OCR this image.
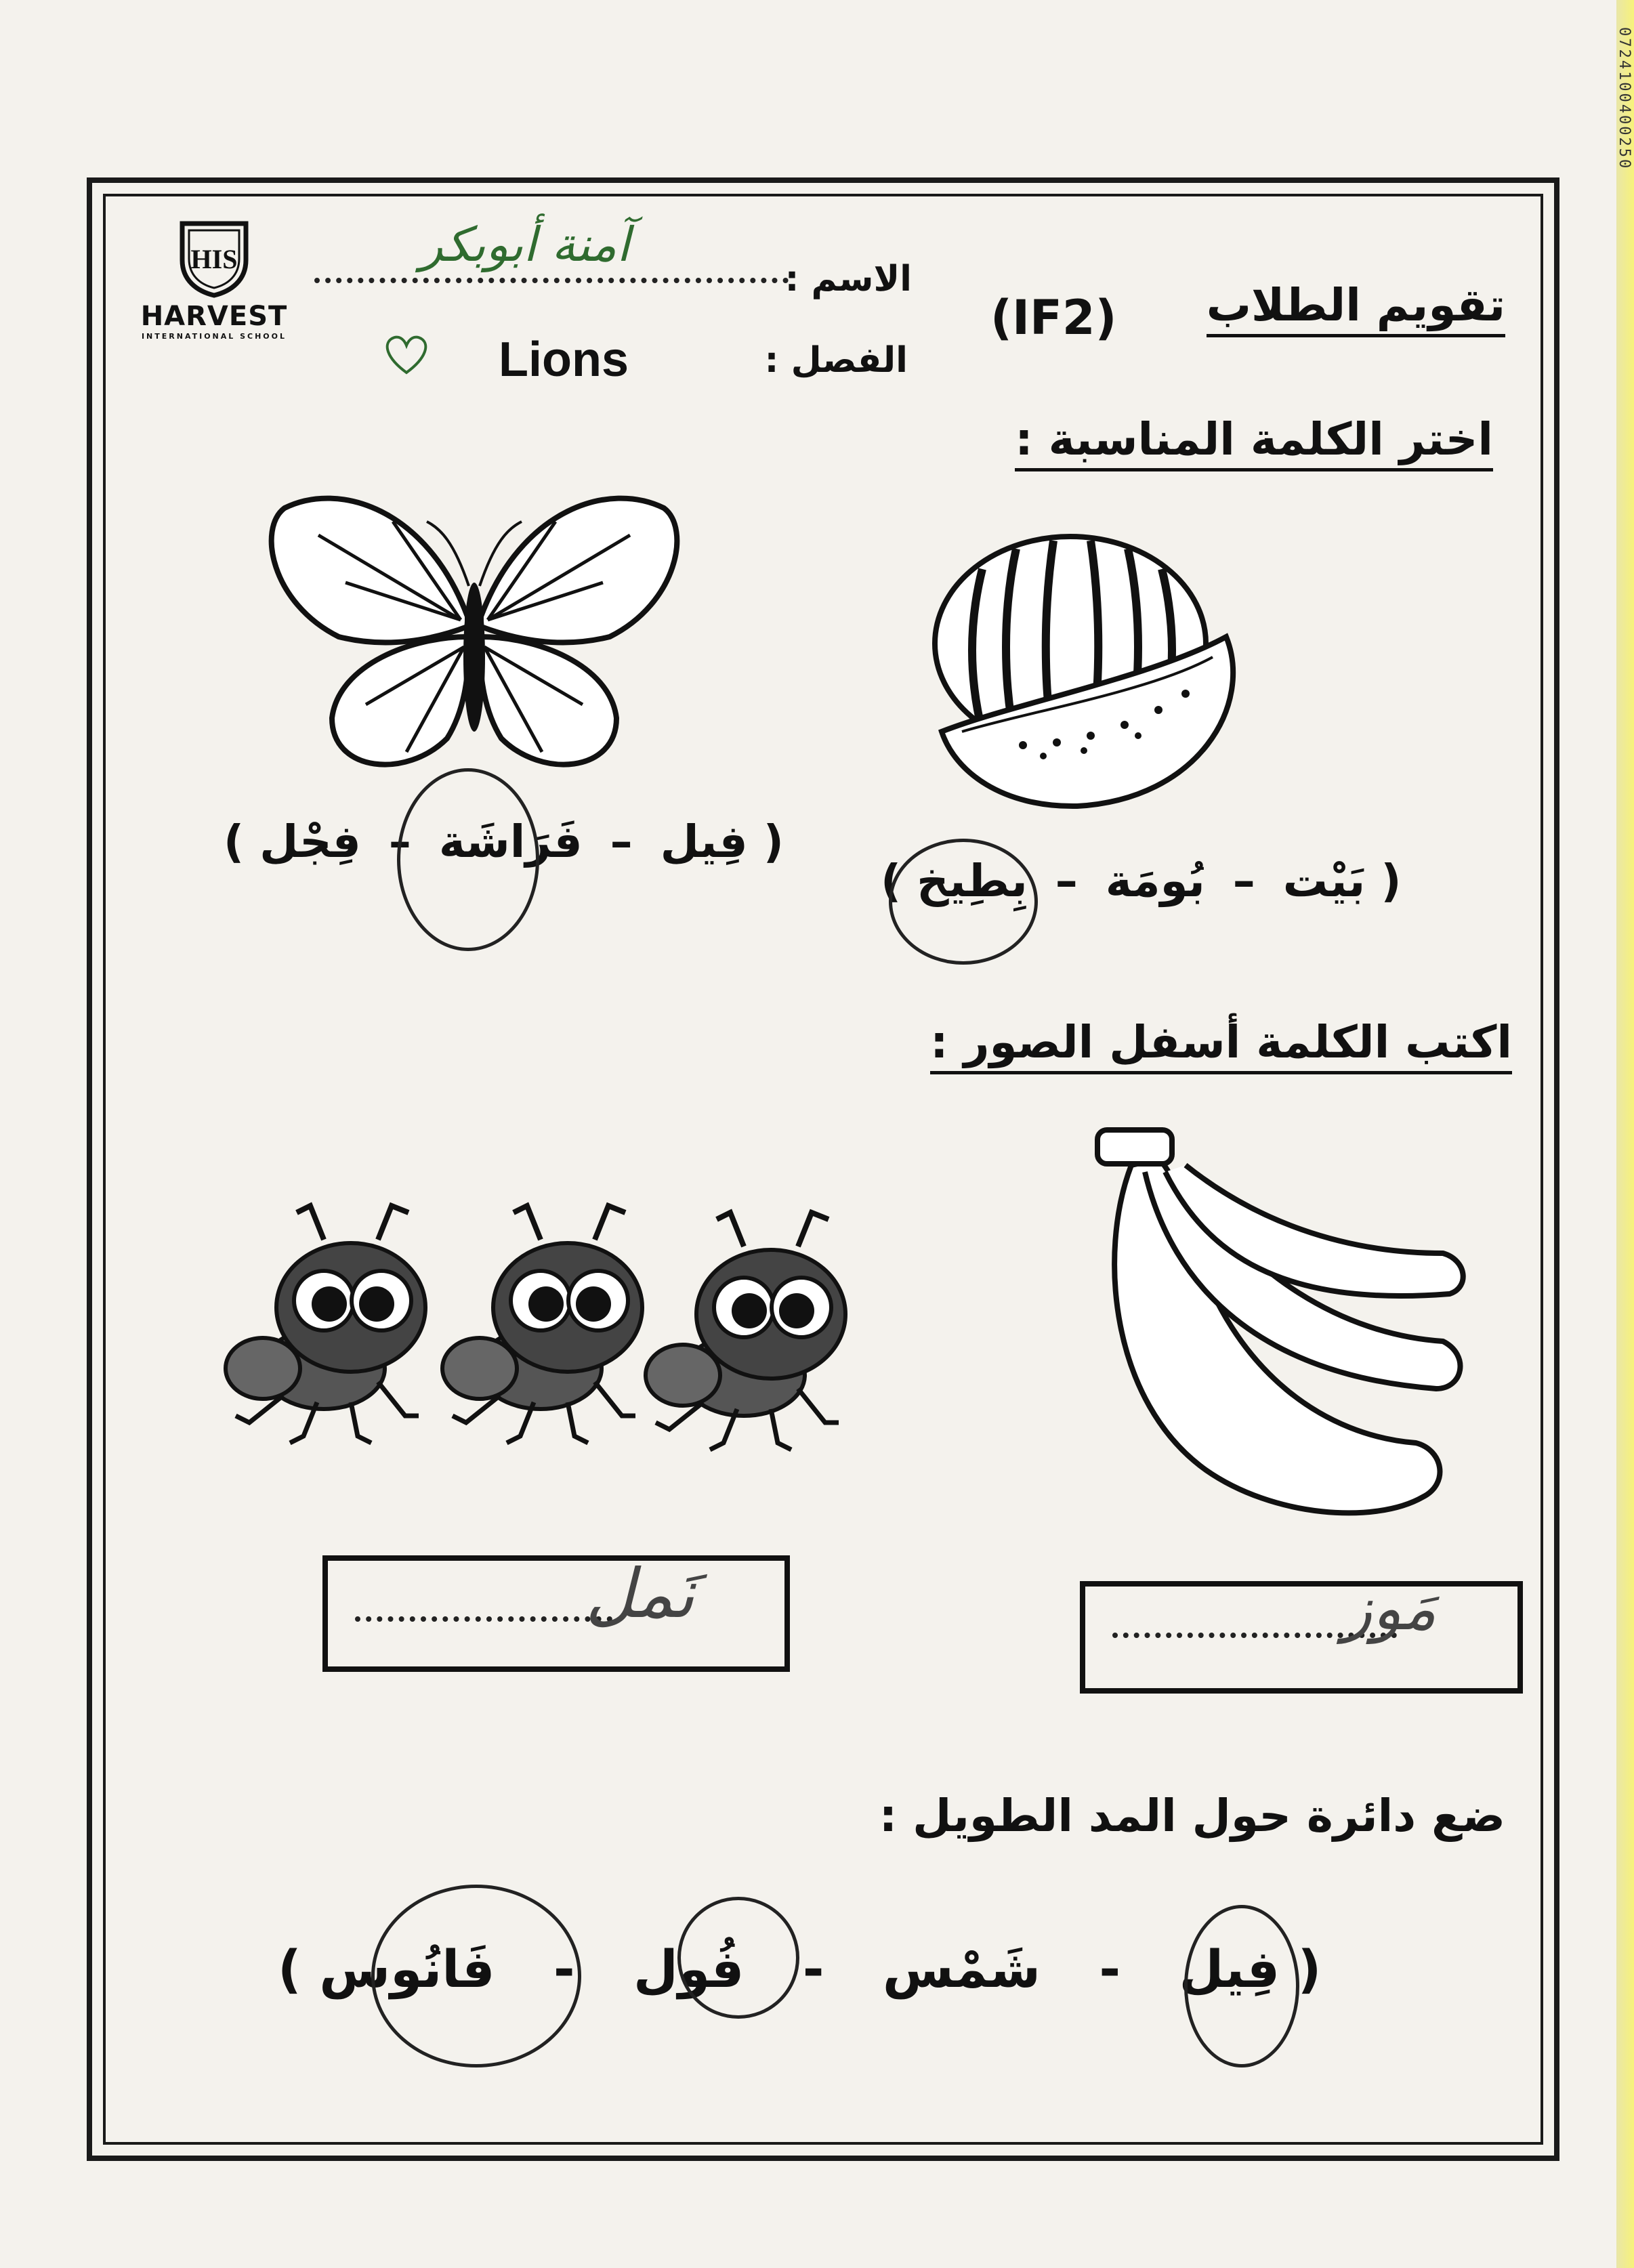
0724100400250
HIS
HARVEST
INTERNATIONAL SCHOOL
تقويم الطلاب
(IF2)
الاسم :
آمنة أبوبكر
الفصل :
Lions
اختر الكلمة المناسبة :
( بَيْت – بُومَة – بِطِيخ )
( فِيل – فَرَاشَة – فِجْل )
اكتب الكلمة أسفل الصور :
مَوز
نَمل
ضع دائرة حول المد الطويل :
( فِيل - شَمْس - فُول - فَانُوس )
